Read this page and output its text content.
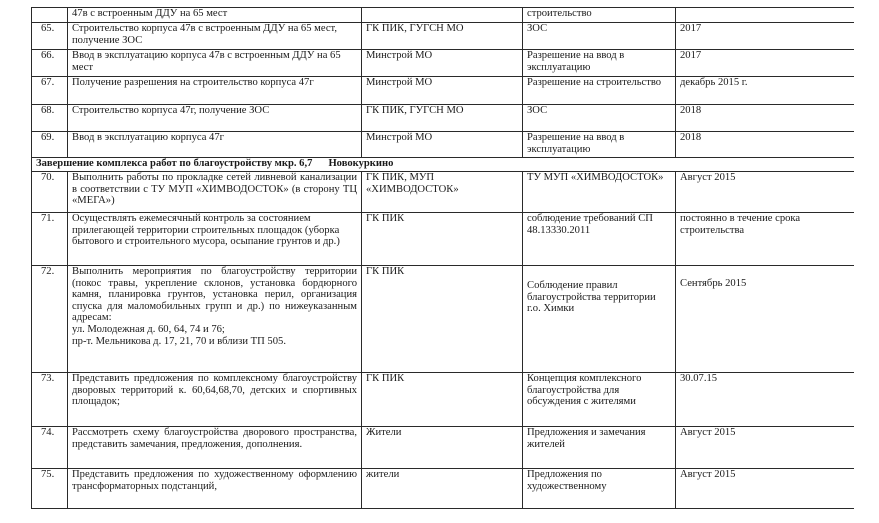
	47в с встроенным ДДУ на 65 мест		строительство	
65.	Строительство корпуса 47в с встроенным ДДУ на 65 мест, получение ЗОС	ГК ПИК, ГУГСН МО	ЗОС	2017
66.	Ввод в эксплуатацию корпуса 47в с встроенным ДДУ на 65 мест	Минстрой МО	Разрешение на ввод в эксплуатацию	2017
67.	Получение разрешения на строительство корпуса 47г	Минстрой МО	Разрешение на строительство	декабрь 2015 г.
68.	Строительство корпуса 47г, получение ЗОС	ГК ПИК, ГУГСН МО	ЗОС	2018
69.	Ввод в эксплуатацию корпуса 47г	Минстрой МО	Разрешение на ввод в эксплуатацию	2018
Завершение комплекса работ по благоустройству мкр. 6,7 Новокуркино				
70.	Выполнить работы по прокладке сетей ливневой канализации в соответствии с ТУ МУП «ХИМВОДОСТОК» (в сторону ТЦ «МЕГА»)	ГК ПИК, МУП «ХИМВОДОСТОК»	ТУ МУП «ХИМВОДОСТОК»	Август 2015
71.	Осуществлять ежемесячный контроль за состоянием прилегающей территории строительных площадок (уборка бытового и строительного мусора, осыпание грунтов и др.)	ГК ПИК	соблюдение требований СП 48.13330.2011	постоянно в течение срока строительства
72.	Выполнить мероприятия по благоустройству территории (покос травы, укрепление склонов, установка бордюрного камня, планировка грунтов, установка перил, организация спуска для маломобильных групп и др.) по нижеуказанным адресам:
ул. Молодежная д. 60, 64, 74 и 76;
пр-т. Мельникова д. 17, 21, 70 и вблизи ТП 505.	ГК ПИК	Соблюдение правил благоустройства территории г.о. Химки	Сентябрь 2015
73.	Представить предложения по комплексному благоустройству дворовых территорий к. 60,64,68,70, детских и спортивных площадок;	ГК ПИК	Концепция комплексного благоустройства для обсуждения с жителями	30.07.15
74.	Рассмотреть схему благоустройства дворового пространства, представить замечания, предложения, дополнения.	Жители	Предложения и замечания жителей	Август 2015
75.	Представить предложения по художественному оформлению трансформаторных подстанций,	жители	Предложения по художественному	Август 2015
